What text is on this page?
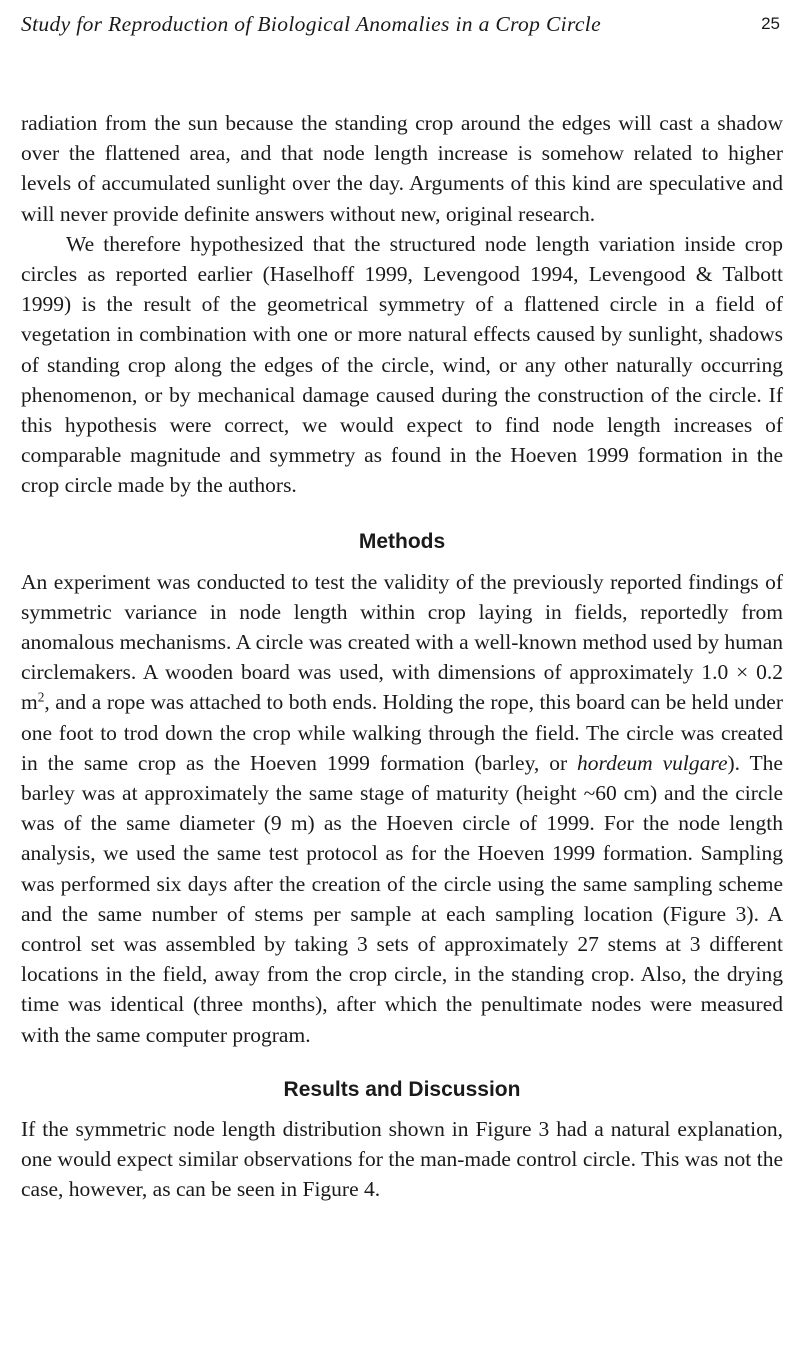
Study for Reproduction of Biological Anomalies in a Crop Circle	25

radiation from the sun because the standing crop around the edges will cast a shadow over the flattened area, and that node length increase is somehow related to higher levels of accumulated sunlight over the day. Arguments of this kind are speculative and will never provide definite answers without new, original research.

We therefore hypothesized that the structured node length variation inside crop circles as reported earlier (Haselhoff 1999, Levengood 1994, Levengood & Talbott 1999) is the result of the geometrical symmetry of a flattened circle in a field of vegetation in combination with one or more natural effects caused by sunlight, shadows of standing crop along the edges of the circle, wind, or any other naturally occurring phenomenon, or by mechanical damage caused during the construction of the circle. If this hypothesis were correct, we would expect to find node length increases of comparable magnitude and symmetry as found in the Hoeven 1999 formation in the crop circle made by the authors.

Methods

An experiment was conducted to test the validity of the previously reported findings of symmetric variance in node length within crop laying in fields, reportedly from anomalous mechanisms. A circle was created with a well-known method used by human circlemakers. A wooden board was used, with dimensions of approximately 1.0 × 0.2 $m^2$, and a rope was attached to both ends. Holding the rope, this board can be held under one foot to trod down the crop while walking through the field. The circle was created in the same crop as the Hoeven 1999 formation (barley, or hordeum vulgare). The barley was at approximately the same stage of maturity (height ~60 cm) and the circle was of the same diameter (9 m) as the Hoeven circle of 1999. For the node length analysis, we used the same test protocol as for the Hoeven 1999 formation. Sampling was performed six days after the creation of the circle using the same sampling scheme and the same number of stems per sample at each sampling location (Figure 3). A control set was assembled by taking 3 sets of approximately 27 stems at 3 different locations in the field, away from the crop circle, in the standing crop. Also, the drying time was identical (three months), after which the penultimate nodes were measured with the same computer program.

Results and Discussion

If the symmetric node length distribution shown in Figure 3 had a natural explanation, one would expect similar observations for the man-made control circle. This was not the case, however, as can be seen in Figure 4.
